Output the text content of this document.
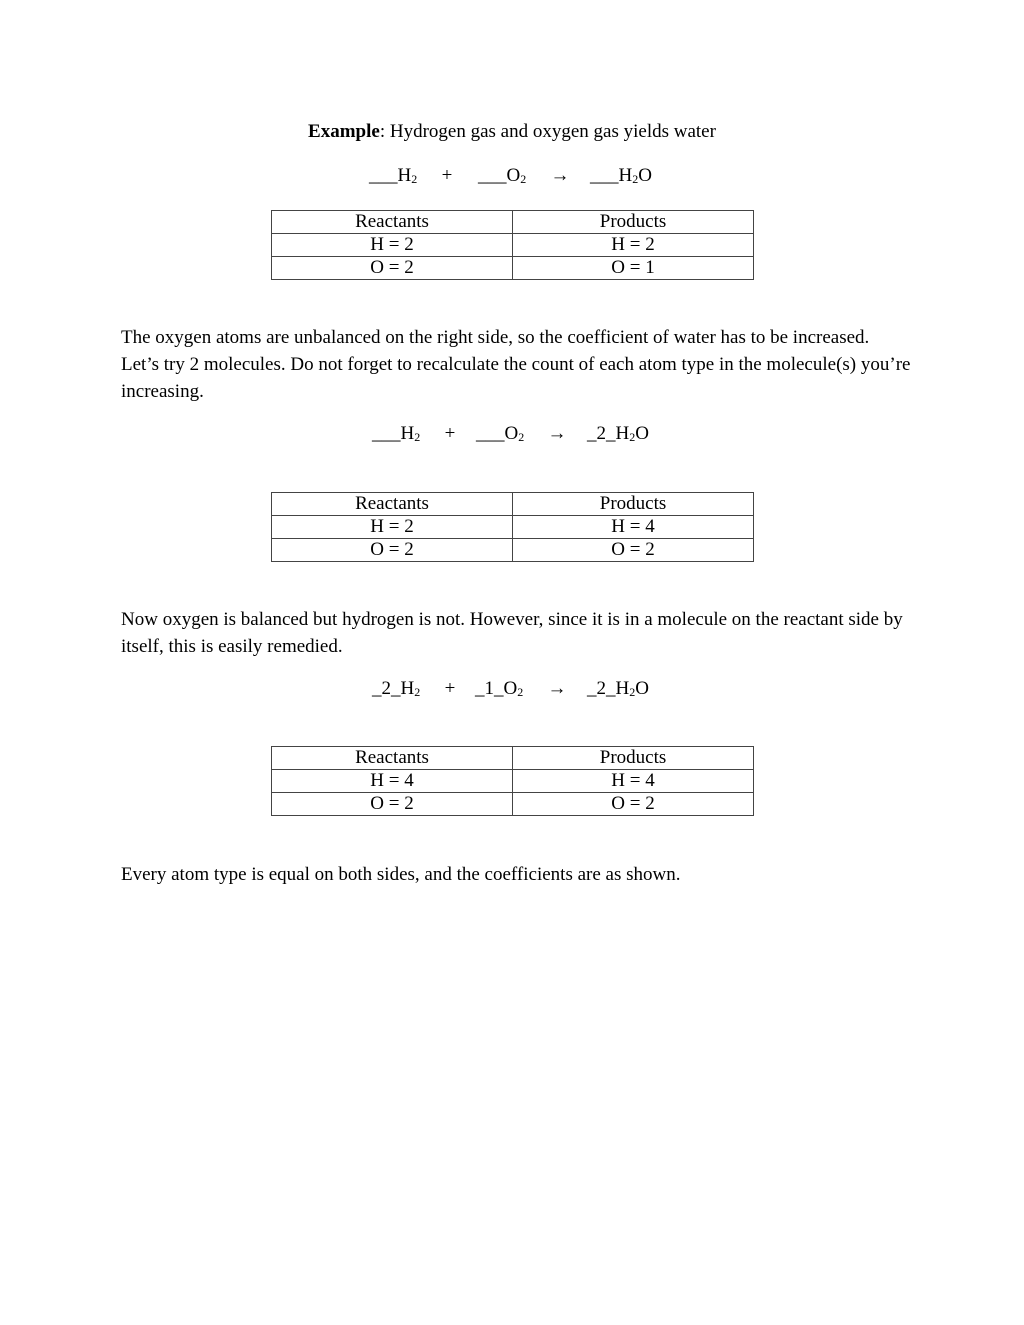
Example: Hydrogen gas and oxygen gas yields water
$\_\_\_H_2$	+	$\_\_\_O_2$ → $\_\_\_H_2O$
Reactants	Products
H = 2	H = 2
O = 2	O = 1

The oxygen atoms are unbalanced on the right side, so the coefficient of water has to be increased. Let’s try 2 molecules. Do not forget to recalculate the count of each atom type in the molecule(s) you’re increasing.

$\_\_\_H_2$	+	$\_\_\_O_2$ → $\_2\_H_2O$
Reactants	Products
H = 2	H = 4
O = 2	O = 2

Now oxygen is balanced but hydrogen is not. However, since it is in a molecule on the reactant side by itself, this is easily remedied.

$\_2\_H_2$	+	$\_1\_O_2$ → $\_2\_H_2O$
Reactants	Products
H = 4	H = 4
O = 2	O = 2

Every atom type is equal on both sides, and the coefficients are as shown.
